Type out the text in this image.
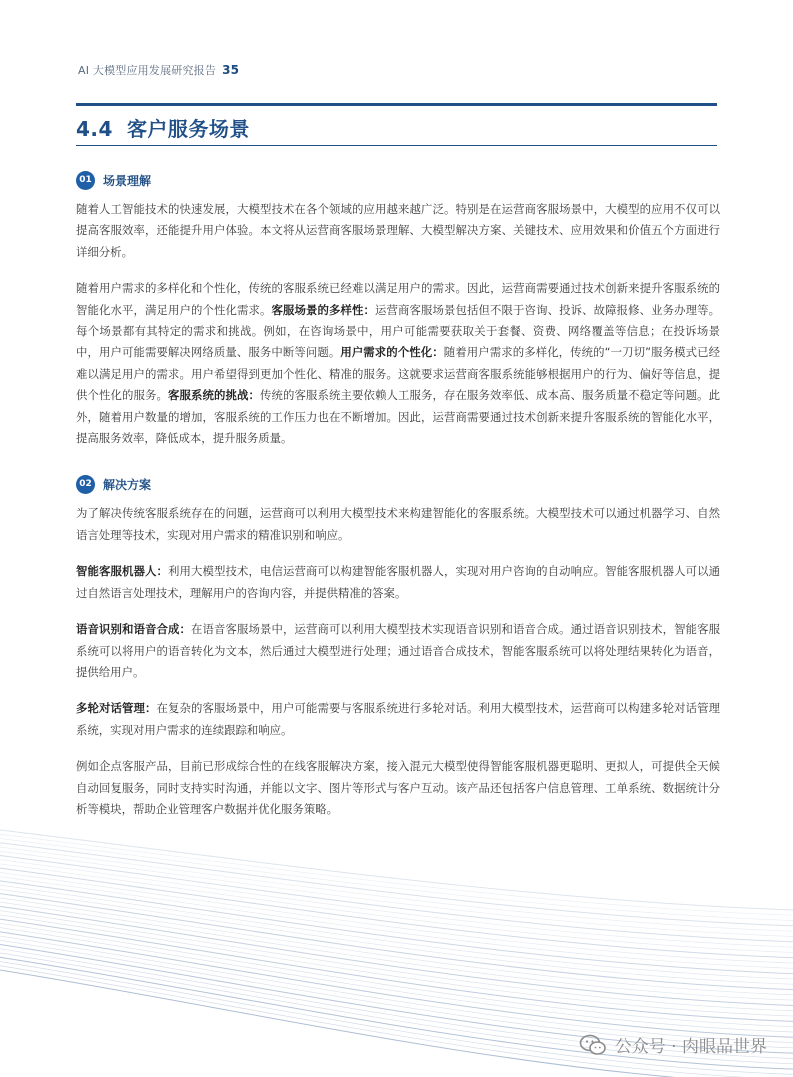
AI 大模型应用发展研究报告 35
4.4 客户服务场景
01 场景理解

随着人工智能技术的快速发展，大模型技术在各个领域的应用越来越广泛。特别是在运营商客服场景中，大模型的应用不仅可以提高客服效率，还能提升用户体验。本文将从运营商客服场景理解、大模型解决方案、关键技术、应用效果和价值五个方面进行详细分析。

随着用户需求的多样化和个性化，传统的客服系统已经难以满足用户的需求。因此，运营商需要通过技术创新来提升客服系统的智能化水平，满足用户的个性化需求。客服场景的多样性：运营商客服场景包括但不限于咨询、投诉、故障报修、业务办理等。每个场景都有其特定的需求和挑战。例如，在咨询场景中，用户可能需要获取关于套餐、资费、网络覆盖等信息；在投诉场景中，用户可能需要解决网络质量、服务中断等问题。用户需求的个性化：随着用户需求的多样化，传统的“一刀切”服务模式已经难以满足用户的需求。用户希望得到更加个性化、精准的服务。这就要求运营商客服系统能够根据用户的行为、偏好等信息，提供个性化的服务。客服系统的挑战：传统的客服系统主要依赖人工服务，存在服务效率低、成本高、服务质量不稳定等问题。此外，随着用户数量的增加，客服系统的工作压力也在不断增加。因此，运营商需要通过技术创新来提升客服系统的智能化水平，提高服务效率，降低成本，提升服务质量。

02 解决方案

为了解决传统客服系统存在的问题，运营商可以利用大模型技术来构建智能化的客服系统。大模型技术可以通过机器学习、自然语言处理等技术，实现对用户需求的精准识别和响应。

智能客服机器人：利用大模型技术，电信运营商可以构建智能客服机器人，实现对用户咨询的自动响应。智能客服机器人可以通过自然语言处理技术，理解用户的咨询内容，并提供精准的答案。

语音识别和语音合成：在语音客服场景中，运营商可以利用大模型技术实现语音识别和语音合成。通过语音识别技术，智能客服系统可以将用户的语音转化为文本，然后通过大模型进行处理；通过语音合成技术，智能客服系统可以将处理结果转化为语音，提供给用户。

多轮对话管理：在复杂的客服场景中，用户可能需要与客服系统进行多轮对话。利用大模型技术，运营商可以构建多轮对话管理系统，实现对用户需求的连续跟踪和响应。

例如企点客服产品，目前已形成综合性的在线客服解决方案，接入混元大模型使得智能客服机器更聪明、更拟人，可提供全天候自动回复服务，同时支持实时沟通，并能以文字、图片等形式与客户互动。该产品还包括客户信息管理、工单系统、数据统计分析等模块，帮助企业管理客户数据并优化服务策略。

公众号 · 肉眼品世界
